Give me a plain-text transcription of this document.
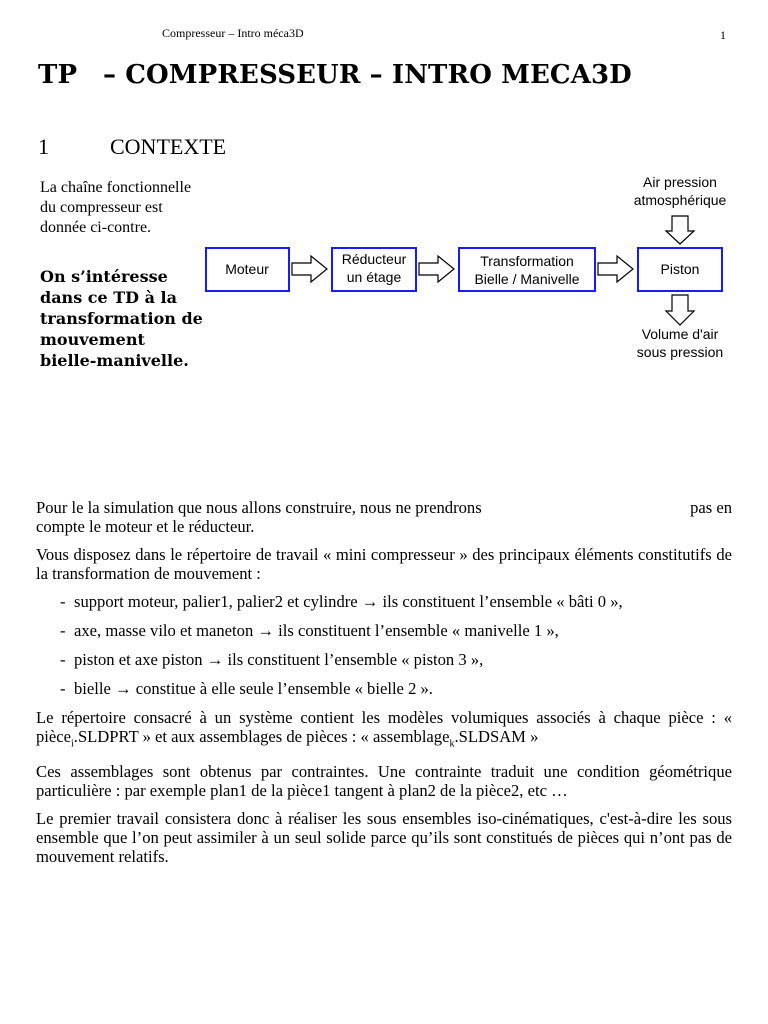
Compresseur – Intro méca3D	1
TP – COMPRESSEUR – INTRO MECA3D
1	CONTEXTE
La chaîne fonctionnelle du compresseur est donnée ci-contre.
On s’intéresse dans ce TD à la transformation de mouvement bielle-manivelle.
Air pression
atmosphérique
Moteur
Réducteur
un étage
Transformation
Bielle / Manivelle
Piston
Volume d'air
sous pression

Pour le la simulation que nous allons construire, nous ne prendrons	pas en

compte le moteur et le réducteur.

Vous disposez dans le répertoire de travail « mini compresseur » des principaux éléments constitutifs de la transformation de mouvement :

- support moteur, palier1, palier2 et cylindre → ils constituent l’ensemble « bâti 0 »,
- axe, masse vilo et maneton → ils constituent l’ensemble « manivelle 1 »,
- piston et axe piston → ils constituent l’ensemble « piston 3 »,
- bielle → constitue à elle seule l’ensemble « bielle 2 ».

Le répertoire consacré à un système contient les modèles volumiques associés à chaque pièce : « pièce$_i$.SLDPRT » et aux assemblages de pièces : « assemblage$_k$.SLDSAM »

Ces assemblages sont obtenus par contraintes. Une contrainte traduit une condition géométrique particulière : par exemple plan1 de la pièce1 tangent à plan2 de la pièce2, etc …

Le premier travail consistera donc à réaliser les sous ensembles iso-cinématiques, c'est-à-dire les sous ensemble que l’on peut assimiler à un seul solide parce qu’ils sont constitués de pièces qui n’ont pas de mouvement relatifs.
